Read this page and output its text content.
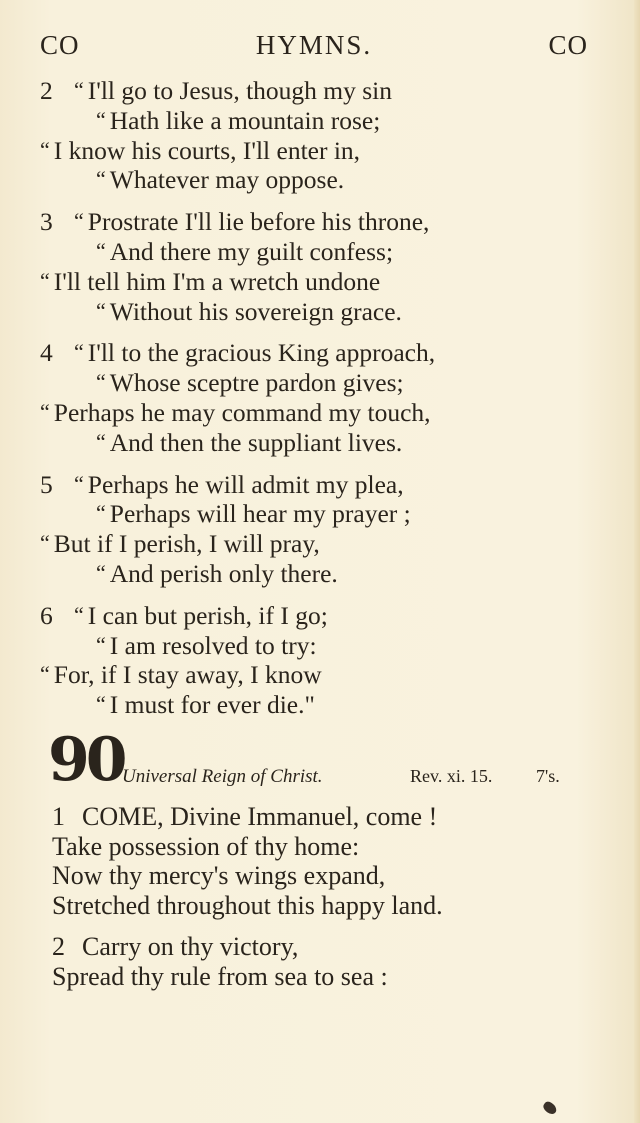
CO	HYMNS.	CO
2 “ I'll go to Jesus, though my sin
“ Hath like a mountain rose;
“ I know his courts, I'll enter in,
“ Whatever may oppose.
3 “ Prostrate I'll lie before his throne,
“ And there my guilt confess;
“ I'll tell him I'm a wretch undone
“ Without his sovereign grace.
4 “ I'll to the gracious King approach,
“ Whose sceptre pardon gives;
“ Perhaps he may command my touch,
“ And then the suppliant lives.
5 “ Perhaps he will admit my plea,
“ Perhaps will hear my prayer ;
“ But if I perish, I will pray,
“ And perish only there.
6 “ I can but perish, if I go;
“ I am resolved to try:
“ For, if I stay away, I know
“ I must for ever die."
90
Universal Reign of Christ.	Rev. xi. 15. 7's.
1 COME, Divine Immanuel, come !
Take possession of thy home:
Now thy mercy's wings expand,
Stretched throughout this happy land.
2 Carry on thy victory,
Spread thy rule from sea to sea :
